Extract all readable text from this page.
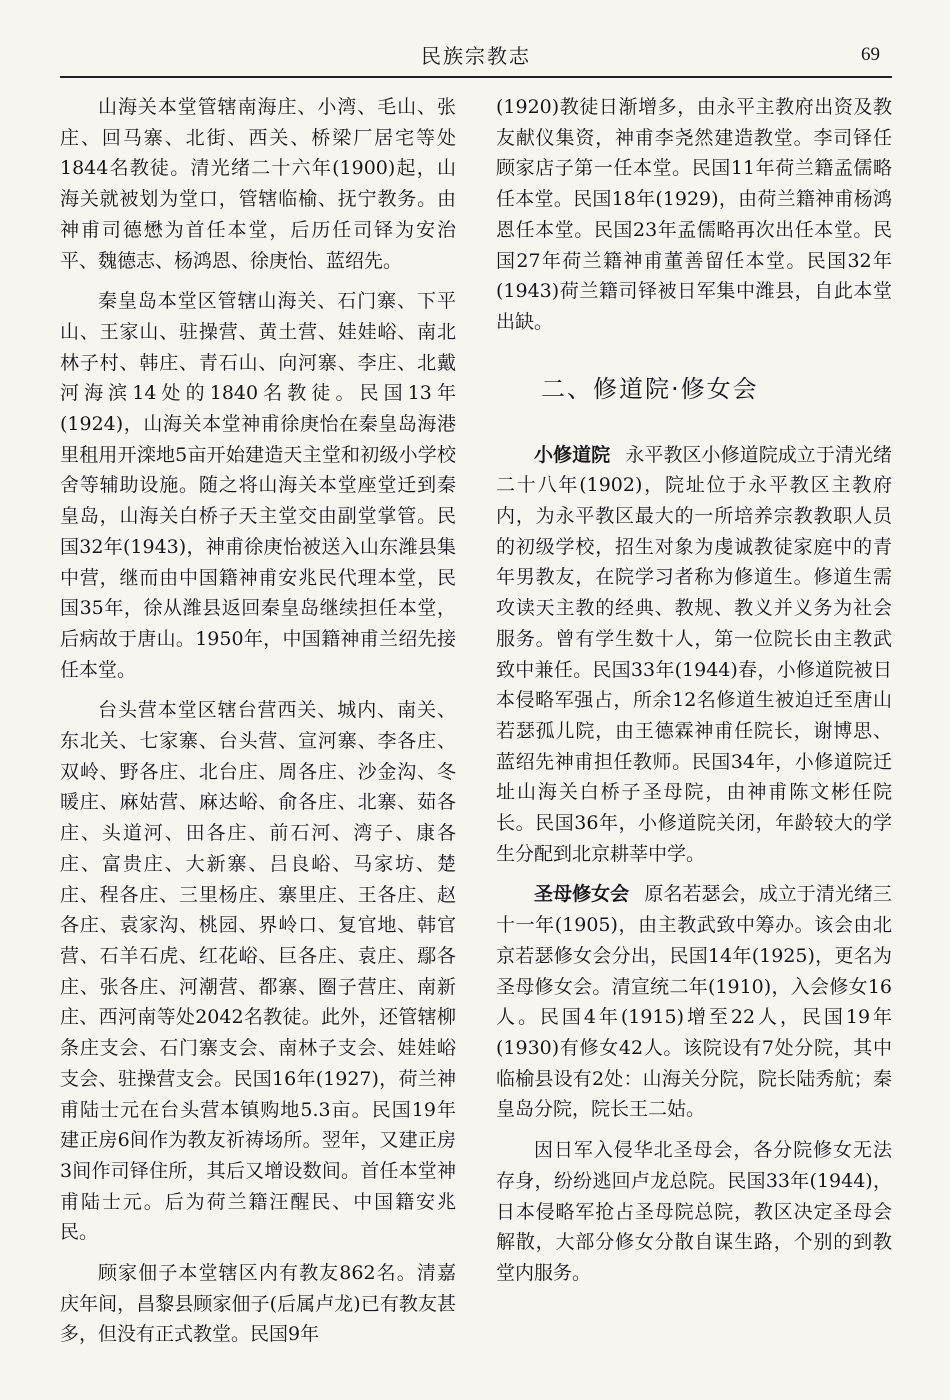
民族宗教志	69

山海关本堂管辖南海庄、小湾、毛山、张庄、回马寨、北街、西关、桥梁厂居宅等处1844名教徒。清光绪二十六年(1900)起，山海关就被划为堂口，管辖临榆、抚宁教务。由神甫司德懋为首任本堂，后历任司铎为安治平、魏德志、杨鸿恩、徐庚怡、蓝绍先。

秦皇岛本堂区管辖山海关、石门寨、下平山、王家山、驻操营、黄土营、娃娃峪、南北林子村、韩庄、青石山、向河寨、李庄、北戴河海滨14处的1840名教徒。民国13年(1924)，山海关本堂神甫徐庚怡在秦皇岛海港里租用开滦地5亩开始建造天主堂和初级小学校舍等辅助设施。随之将山海关本堂座堂迁到秦皇岛，山海关白桥子天主堂交由副堂掌管。民国32年(1943)，神甫徐庚怡被送入山东潍县集中营，继而由中国籍神甫安兆民代理本堂，民国35年，徐从潍县返回秦皇岛继续担任本堂，后病故于唐山。1950年，中国籍神甫兰绍先接任本堂。

台头营本堂区辖台营西关、城内、南关、东北关、七家寨、台头营、宣河寨、李各庄、双岭、野各庄、北台庄、周各庄、沙金沟、冬暖庄、麻姑营、麻达峪、俞各庄、北寨、茹各庄、头道河、田各庄、前石河、湾子、康各庄、富贵庄、大新寨、吕良峪、马家坊、楚庄、程各庄、三里杨庄、寨里庄、王各庄、赵各庄、袁家沟、桃园、界岭口、复官地、韩官营、石羊石虎、红花峪、巨各庄、袁庄、鄢各庄、张各庄、河潮营、都寨、圈子营庄、南新庄、西河南等处2042名教徒。此外，还管辖柳条庄支会、石门寨支会、南林子支会、娃娃峪支会、驻操营支会。民国16年(1927)，荷兰神甫陆士元在台头营本镇购地5.3亩。民国19年建正房6间作为教友祈祷场所。翌年，又建正房3间作司铎住所，其后又增设数间。首任本堂神甫陆士元。后为荷兰籍汪醒民、中国籍安兆民。

顾家佃子本堂辖区内有教友862名。清嘉庆年间，昌黎县顾家佃子(后属卢龙)已有教友甚多，但没有正式教堂。民国9年

(1920)教徒日渐增多，由永平主教府出资及教友献仪集资，神甫李尧然建造教堂。李司铎任顾家店子第一任本堂。民国11年荷兰籍孟儒略任本堂。民国18年(1929)，由荷兰籍神甫杨鸿恩任本堂。民国23年孟儒略再次出任本堂。民国27年荷兰籍神甫董善留任本堂。民国32年(1943)荷兰籍司铎被日军集中潍县，自此本堂出缺。

二、修道院·修女会

小修道院 永平教区小修道院成立于清光绪二十八年(1902)，院址位于永平教区主教府内，为永平教区最大的一所培养宗教教职人员的初级学校，招生对象为虔诚教徒家庭中的青年男教友，在院学习者称为修道生。修道生需攻读天主教的经典、教规、教义并义务为社会服务。曾有学生数十人，第一位院长由主教武致中兼任。民国33年(1944)春，小修道院被日本侵略军强占，所余12名修道生被迫迁至唐山若瑟孤儿院，由王德霖神甫任院长，谢博思、蓝绍先神甫担任教师。民国34年，小修道院迁址山海关白桥子圣母院，由神甫陈文彬任院长。民国36年，小修道院关闭，年龄较大的学生分配到北京耕莘中学。

圣母修女会 原名若瑟会，成立于清光绪三十一年(1905)，由主教武致中筹办。该会由北京若瑟修女会分出，民国14年(1925)，更名为圣母修女会。清宣统二年(1910)，入会修女16人。民国4年(1915)增至22人，民国19年(1930)有修女42人。该院设有7处分院，其中临榆县设有2处：山海关分院，院长陆秀航；秦皇岛分院，院长王二姑。

因日军入侵华北圣母会，各分院修女无法存身，纷纷逃回卢龙总院。民国33年(1944)，日本侵略军抢占圣母院总院，教区决定圣母会解散，大部分修女分散自谋生路，个别的到教堂内服务。
